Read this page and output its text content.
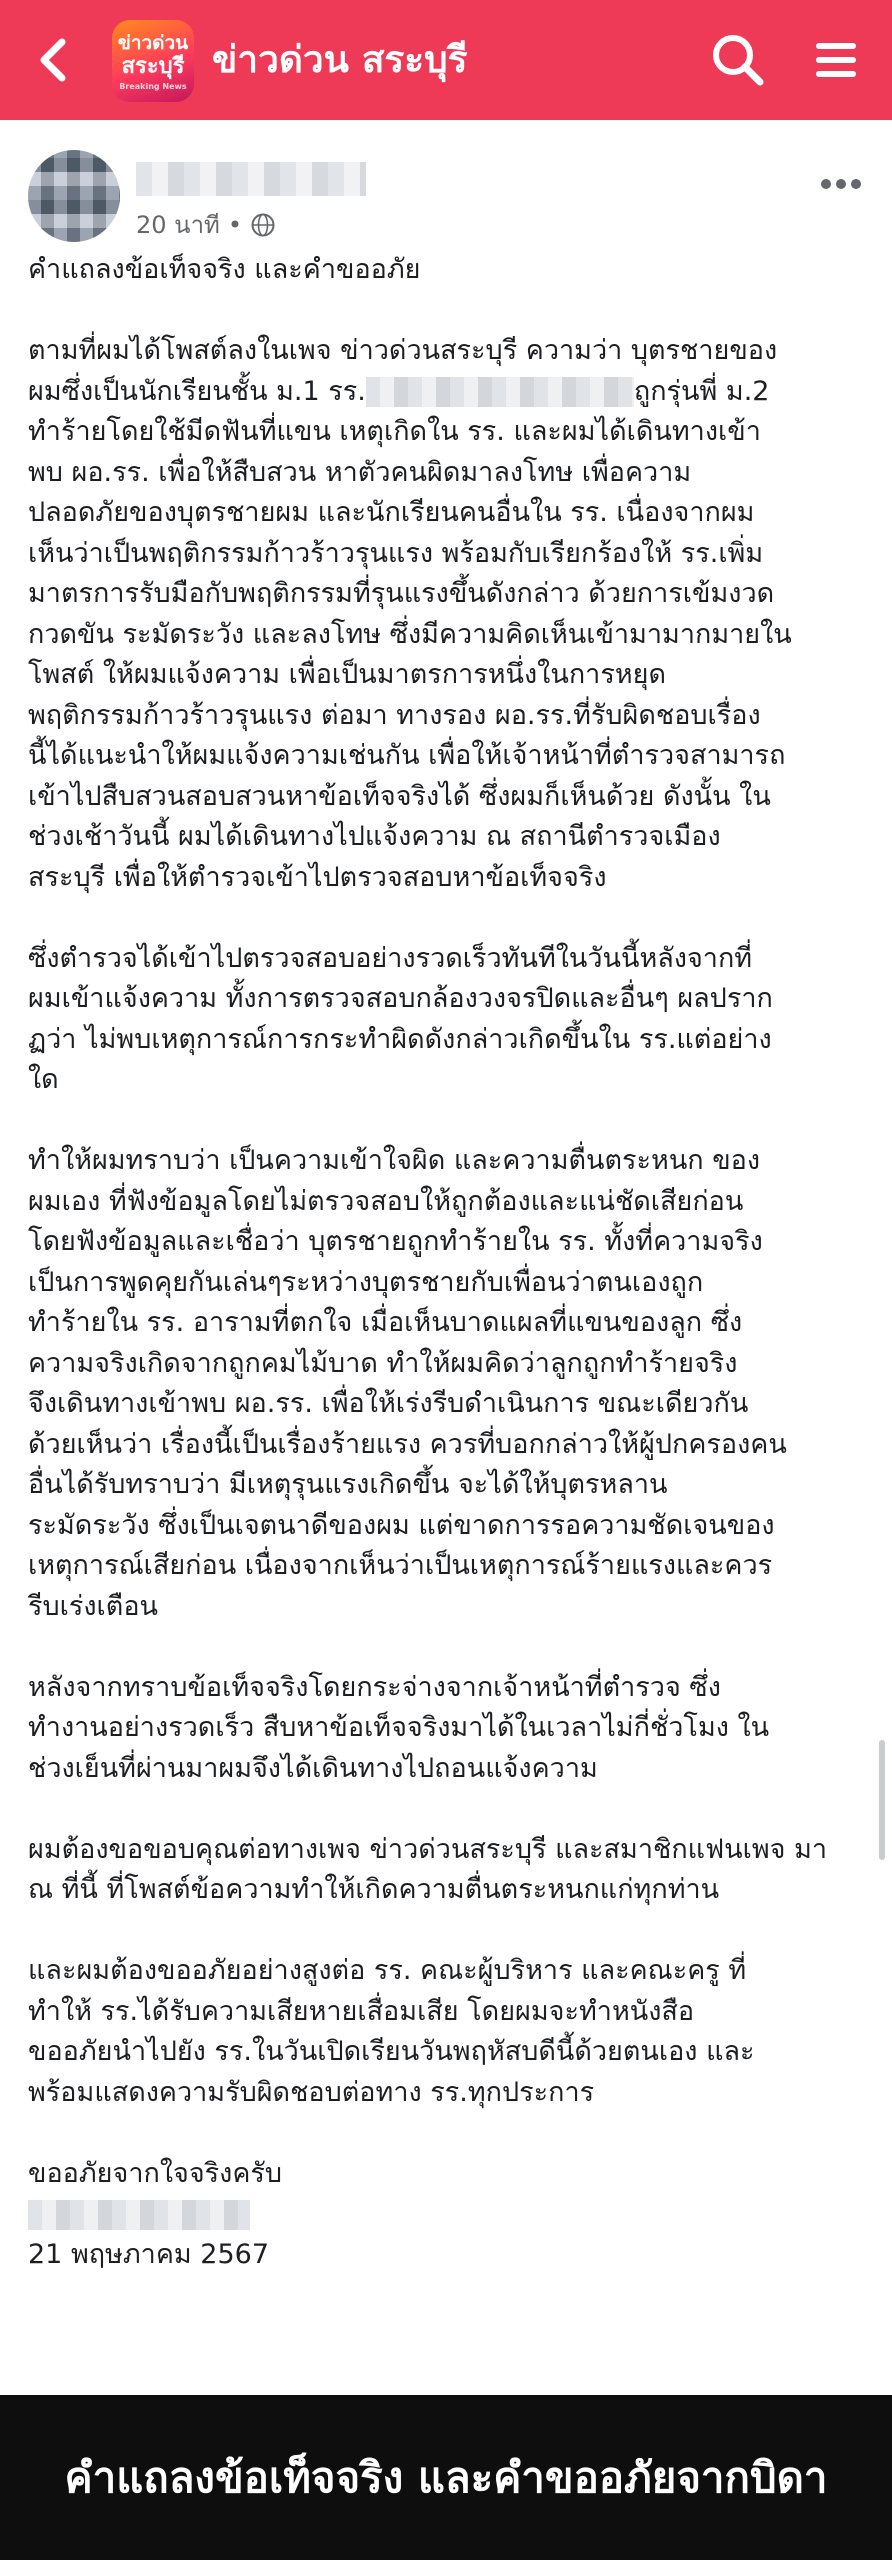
ข่าวด่วน
สระบุรี
Breaking News
ข่าวด่วน สระบุรี
20 นาที •
คำแถลงข้อเท็จจริง และคำขออภัย
ตามที่ผมได้โพสต์ลงในเพจ ข่าวด่วนสระบุรี ความว่า บุตรชายของ
ผมซึ่งเป็นนักเรียนชั้น ม.1 รร.	ถูกรุ่นพี่ ม.2
ทำร้ายโดยใช้มีดฟันที่แขน เหตุเกิดใน รร. และผมได้เดินทางเข้า
พบ ผอ.รร. เพื่อให้สืบสวน หาตัวคนผิดมาลงโทษ เพื่อความ
ปลอดภัยของบุตรชายผม และนักเรียนคนอื่นใน รร. เนื่องจากผม
เห็นว่าเป็นพฤติกรรมก้าวร้าวรุนแรง พร้อมกับเรียกร้องให้ รร.เพิ่ม
มาตรการรับมือกับพฤติกรรมที่รุนแรงขึ้นดังกล่าว ด้วยการเข้มงวด
กวดขัน ระมัดระวัง และลงโทษ ซึ่งมีความคิดเห็นเข้ามามากมายใน
โพสต์ ให้ผมแจ้งความ เพื่อเป็นมาตรการหนึ่งในการหยุด
พฤติกรรมก้าวร้าวรุนแรง ต่อมา ทางรอง ผอ.รร.ที่รับผิดชอบเรื่อง
นี้ได้แนะนำให้ผมแจ้งความเช่นกัน เพื่อให้เจ้าหน้าที่ตำรวจสามารถ
เข้าไปสืบสวนสอบสวนหาข้อเท็จจริงได้ ซึ่งผมก็เห็นด้วย ดังนั้น ใน
ช่วงเช้าวันนี้ ผมได้เดินทางไปแจ้งความ ณ สถานีตำรวจเมือง
สระบุรี เพื่อให้ตำรวจเข้าไปตรวจสอบหาข้อเท็จจริง
ซึ่งตำรวจได้เข้าไปตรวจสอบอย่างรวดเร็วทันทีในวันนี้หลังจากที่
ผมเข้าแจ้งความ ทั้งการตรวจสอบกล้องวงจรปิดและอื่นๆ ผลปราก
ฏว่า ไม่พบเหตุการณ์การกระทำผิดดังกล่าวเกิดขึ้นใน รร.แต่อย่าง
ใด
ทำให้ผมทราบว่า เป็นความเข้าใจผิด และความตื่นตระหนก ของ
ผมเอง ที่ฟังข้อมูลโดยไม่ตรวจสอบให้ถูกต้องและแน่ชัดเสียก่อน
โดยฟังข้อมูลและเชื่อว่า บุตรชายถูกทำร้ายใน รร. ทั้งที่ความจริง
เป็นการพูดคุยกันเล่นๆระหว่างบุตรชายกับเพื่อนว่าตนเองถูก
ทำร้ายใน รร. อารามที่ตกใจ เมื่อเห็นบาดแผลที่แขนของลูก ซึ่ง
ความจริงเกิดจากถูกคมไม้บาด ทำให้ผมคิดว่าลูกถูกทำร้ายจริง
จึงเดินทางเข้าพบ ผอ.รร. เพื่อให้เร่งรีบดำเนินการ ขณะเดียวกัน
ด้วยเห็นว่า เรื่องนี้เป็นเรื่องร้ายแรง ควรที่บอกกล่าวให้ผู้ปกครองคน
อื่นได้รับทราบว่า มีเหตุรุนแรงเกิดขึ้น จะได้ให้บุตรหลาน
ระมัดระวัง ซึ่งเป็นเจตนาดีของผม แต่ขาดการรอความชัดเจนของ
เหตุการณ์เสียก่อน เนื่องจากเห็นว่าเป็นเหตุการณ์ร้ายแรงและควร
รีบเร่งเตือน
หลังจากทราบข้อเท็จจริงโดยกระจ่างจากเจ้าหน้าที่ตำรวจ ซึ่ง
ทำงานอย่างรวดเร็ว สืบหาข้อเท็จจริงมาได้ในเวลาไม่กี่ชั่วโมง ใน
ช่วงเย็นที่ผ่านมาผมจึงได้เดินทางไปถอนแจ้งความ
ผมต้องขอขอบคุณต่อทางเพจ ข่าวด่วนสระบุรี และสมาชิกแฟนเพจ มา
ณ ที่นี้ ที่โพสต์ข้อความทำให้เกิดความตื่นตระหนกแก่ทุกท่าน
และผมต้องขออภัยอย่างสูงต่อ รร. คณะผู้บริหาร และคณะครู ที่
ทำให้ รร.ได้รับความเสียหายเสื่อมเสีย โดยผมจะทำหนังสือ
ขออภัยนำไปยัง รร.ในวันเปิดเรียนวันพฤหัสบดีนี้ด้วยตนเอง และ
พร้อมแสดงความรับผิดชอบต่อทาง รร.ทุกประการ
ขออภัยจากใจจริงครับ
21 พฤษภาคม 2567
คำแถลงข้อเท็จจริง และคำขออภัยจากบิดา
